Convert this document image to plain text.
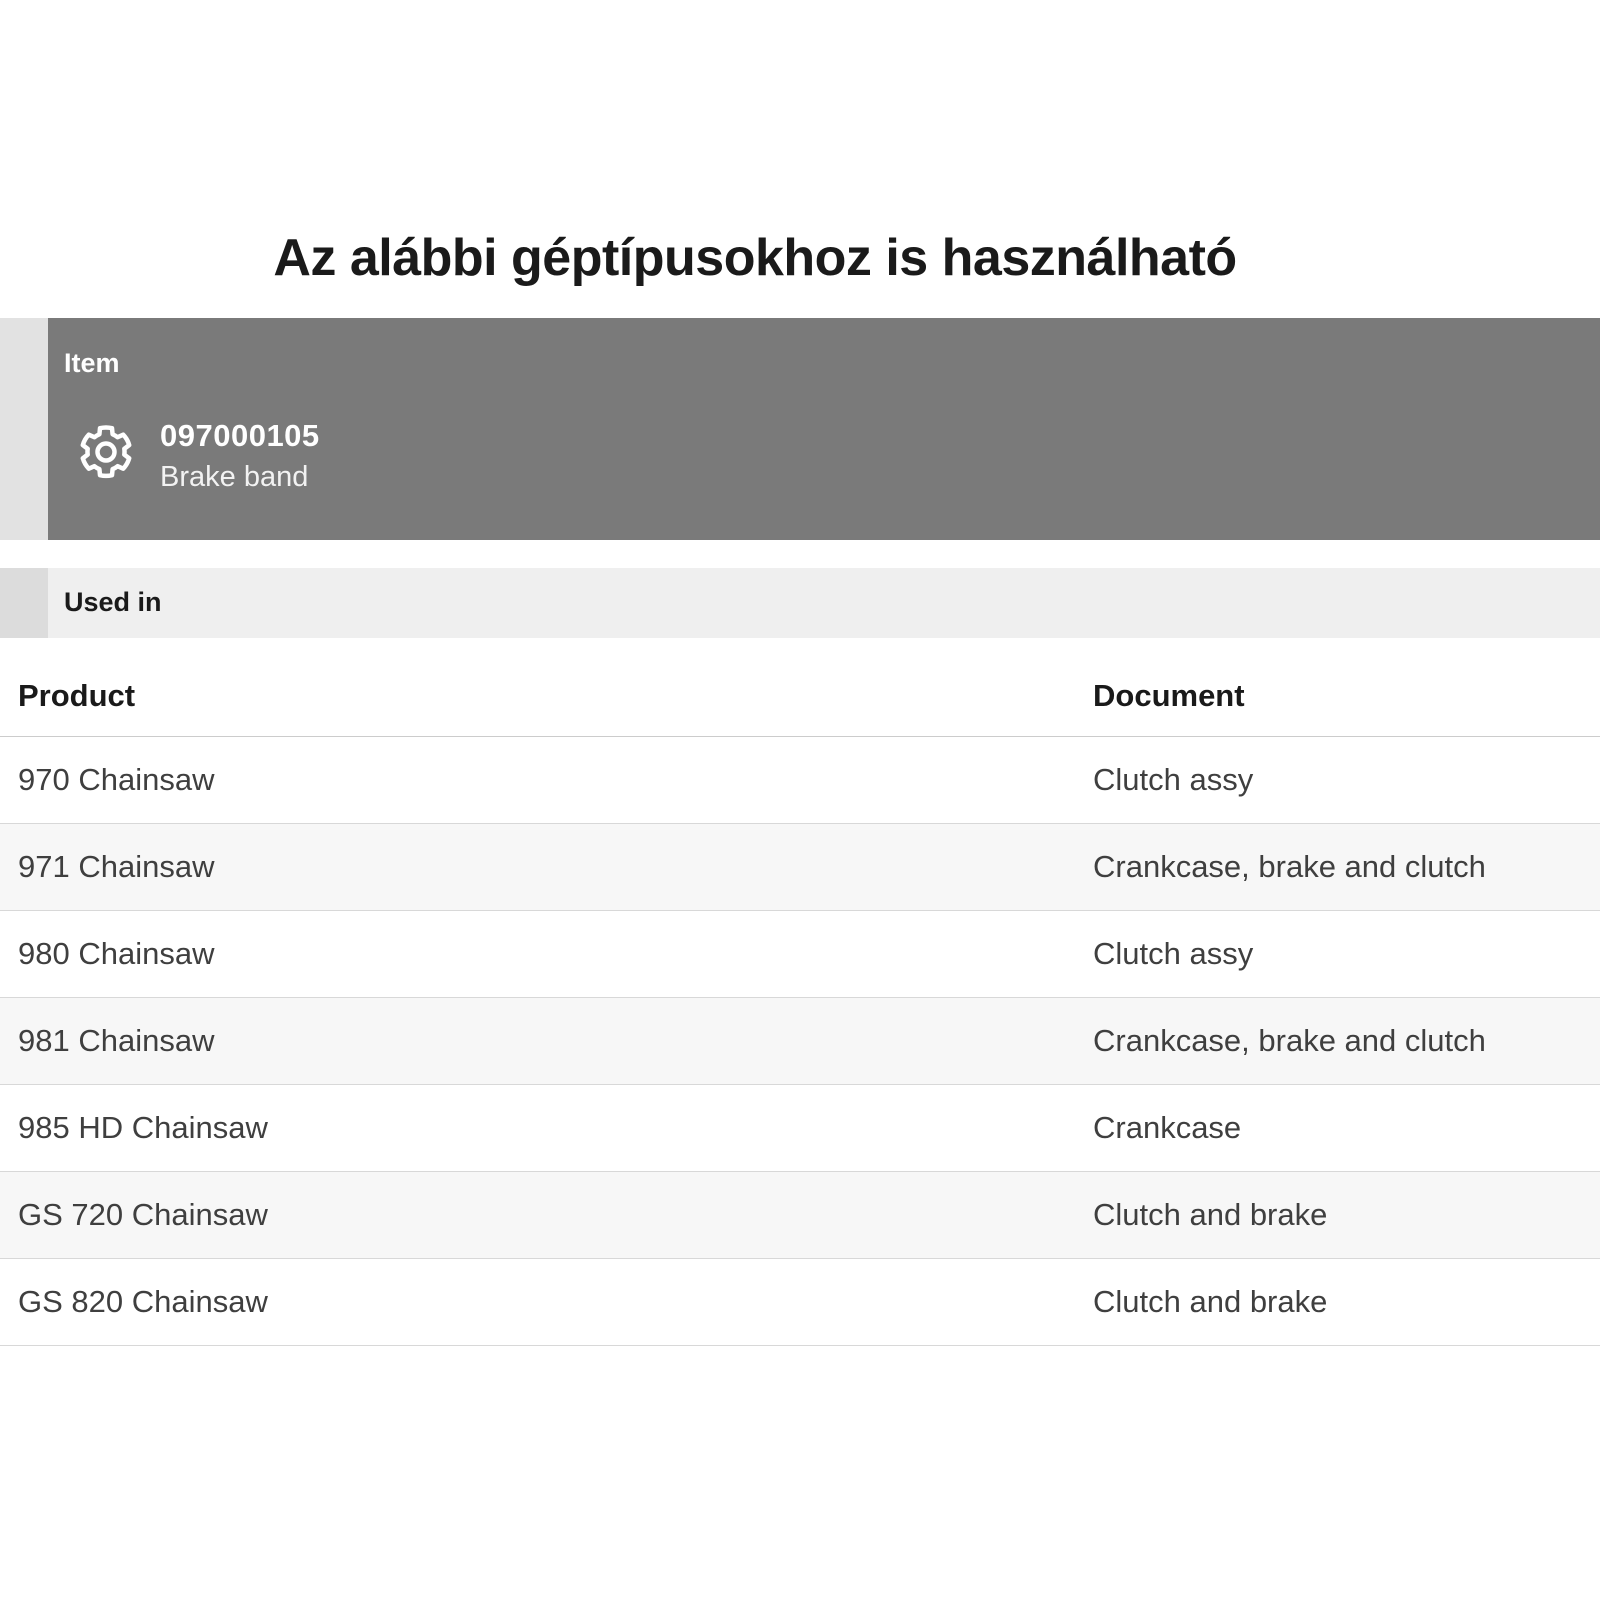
Az alábbi géptípusokhoz is használható
Item
097000105
Brake band
Used in
Product	Document
970 Chainsaw	Clutch assy
971 Chainsaw	Crankcase, brake and clutch
980 Chainsaw	Clutch assy
981 Chainsaw	Crankcase, brake and clutch
985 HD Chainsaw	Crankcase
GS 720 Chainsaw	Clutch and brake
GS 820 Chainsaw	Clutch and brake
